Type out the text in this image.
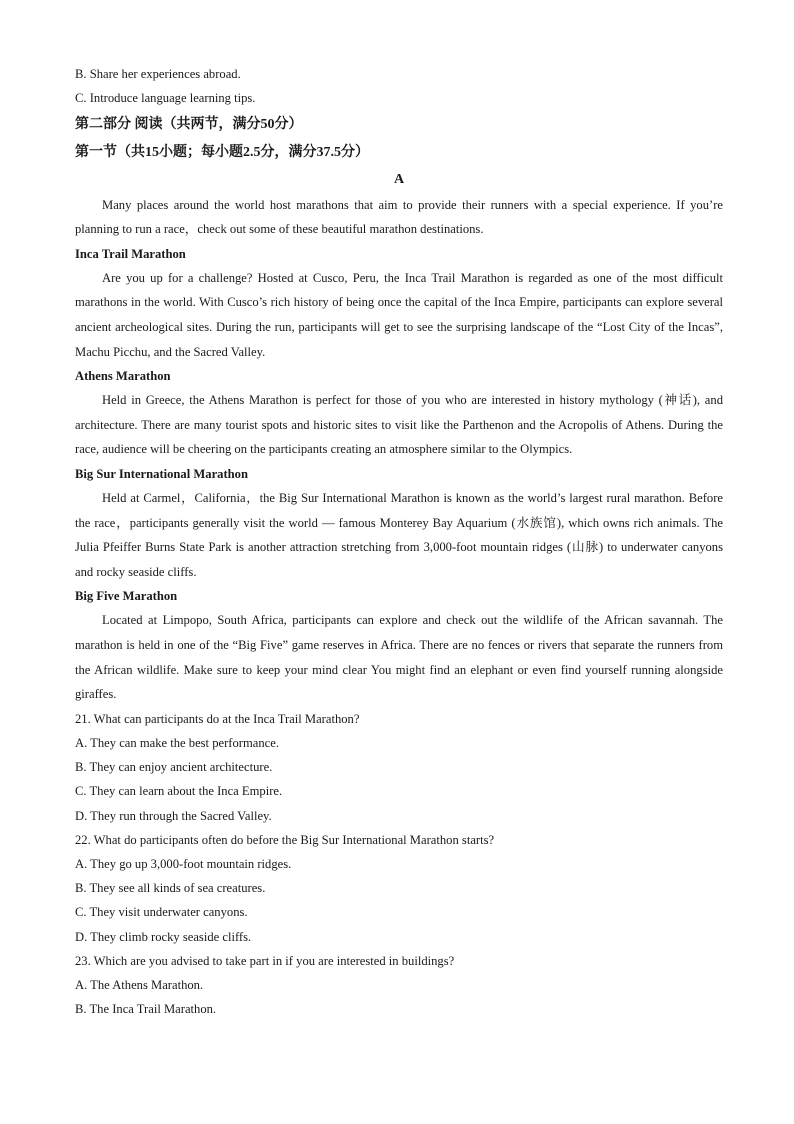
B. Share her experiences abroad.
C. Introduce language learning tips.
第二部分 阅读（共两节，满分50分）
第一节（共15小题；每小题2.5分，满分37.5分）
A

Many places around the world host marathons that aim to provide their runners with a special experience. If you’re planning to run a race，check out some of these beautiful marathon destinations.

Inca Trail Marathon

Are you up for a challenge? Hosted at Cusco, Peru, the Inca Trail Marathon is regarded as one of the most difficult marathons in the world. With Cusco’s rich history of being once the capital of the Inca Empire, participants can explore several ancient archeological sites. During the run, participants will get to see the surprising landscape of the “Lost City of the Incas”, Machu Picchu, and the Sacred Valley.

Athens Marathon

Held in Greece, the Athens Marathon is perfect for those of you who are interested in history mythology (神话), and architecture. There are many tourist spots and historic sites to visit like the Parthenon and the Acropolis of Athens. During the race, audience will be cheering on the participants creating an atmosphere similar to the Olympics.

Big Sur International Marathon

Held at Carmel，California，the Big Sur International Marathon is known as the world’s largest rural marathon. Before the race，participants generally visit the world — famous Monterey Bay Aquarium (水族馆), which owns rich animals. The Julia Pfeiffer Burns State Park is another attraction stretching from 3,000-foot mountain ridges (山脉) to underwater canyons and rocky seaside cliffs.

Big Five Marathon

Located at Limpopo, South Africa, participants can explore and check out the wildlife of the African savannah. The marathon is held in one of the “Big Five” game reserves in Africa. There are no fences or rivers that separate the runners from the African wildlife. Make sure to keep your mind clear You might find an elephant or even find yourself running alongside giraffes.

21. What can participants do at the Inca Trail Marathon?
A. They can make the best performance.
B. They can enjoy ancient architecture.
C. They can learn about the Inca Empire.
D. They run through the Sacred Valley.
22. What do participants often do before the Big Sur International Marathon starts?
A. They go up 3,000-foot mountain ridges.
B. They see all kinds of sea creatures.
C. They visit underwater canyons.
D. They climb rocky seaside cliffs.
23. Which are you advised to take part in if you are interested in buildings?
A. The Athens Marathon.
B. The Inca Trail Marathon.
